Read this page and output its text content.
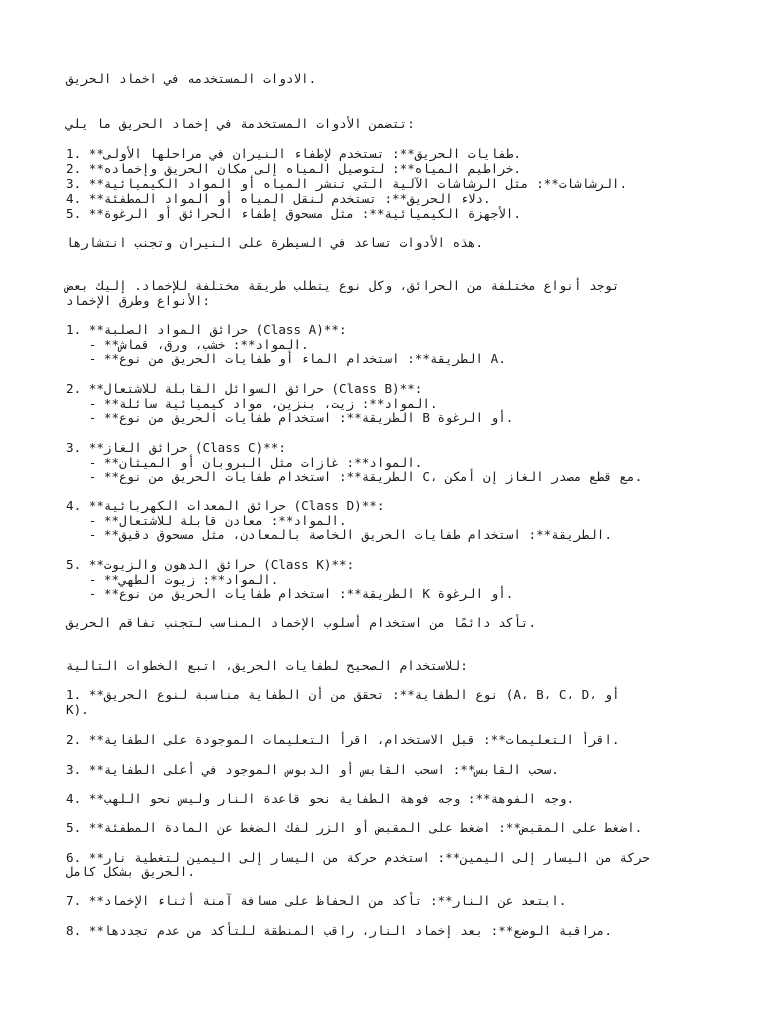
الادوات المستخدمه في اخماد الحريق.
تتضمن الأدوات المستخدمة في إخماد الحريق ما يلي:
1. **طفايات الحريق**: تستخدم لإطفاء النيران في مراحلها الأولى.
2. **خراطيم المياه**: لتوصيل المياه إلى مكان الحريق وإخماده.
3. **الرشاشات**: مثل الرشاشات الآلية التي تنشر المياه أو المواد الكيميائية.
4. **دلاء الحريق**: تستخدم لنقل المياه أو المواد المطفئة.
5. **الأجهزة الكيميائية**: مثل مسحوق إطفاء الحرائق أو الرغوة.
هذه الأدوات تساعد في السيطرة على النيران وتجنب انتشارها.
توجد أنواع مختلفة من الحرائق، وكل نوع يتطلب طريقة مختلفة للإخماد. إليك بعض
الأنواع وطرق الإخماد:
1. **حرائق المواد الصلبة (Class A)**:
- **المواد**: خشب، ورق، قماش.
- **الطريقة**: استخدام الماء أو طفايات الحريق من نوع A.
2. **حرائق السوائل القابلة للاشتعال (Class B)**:
- **المواد**: زيت، بنزين، مواد كيميائية سائلة.
- **الطريقة**: استخدام طفايات الحريق من نوع B أو الرغوة.
3. **حرائق الغاز (Class C)**:
- **المواد**: غازات مثل البروبان أو الميثان.
- **الطريقة**: استخدام طفايات الحريق من نوع C، مع قطع مصدر الغاز إن أمكن.
4. **حرائق المعدات الكهربائية (Class D)**:
- **المواد**: معادن قابلة للاشتعال.
- **الطريقة**: استخدام طفايات الحريق الخاصة بالمعادن، مثل مسحوق دقيق.
5. **حرائق الدهون والزيوت (Class K)**:
- **المواد**: زيوت الطهي.
- **الطريقة**: استخدام طفايات الحريق من نوع K أو الرغوة.
تأكد دائمًا من استخدام أسلوب الإخماد المناسب لتجنب تفاقم الحريق.
للاستخدام الصحيح لطفايات الحريق، اتبع الخطوات التالية:
1. **نوع الطفاية**: تحقق من أن الطفاية مناسبة لنوع الحريق (A، B، C، D، أو
K).
2. **اقرأ التعليمات**: قبل الاستخدام، اقرأ التعليمات الموجودة على الطفاية.
3. **سحب القابس**: اسحب القابس أو الدبوس الموجود في أعلى الطفاية.
4. **وجه الفوهة**: وجه فوهة الطفاية نحو قاعدة النار وليس نحو اللهب.
5. **اضغط على المقبض**: اضغط على المقبض أو الزر لفك الضغط عن المادة المطفئة.
6. **حركة من اليسار إلى اليمين**: استخدم حركة من اليسار إلى اليمين لتغطية نار
الحريق بشكل كامل.
7. **ابتعد عن النار**: تأكد من الحفاظ على مسافة آمنة أثناء الإخماد.
8. **مراقبة الوضع**: بعد إخماد النار، راقب المنطقة للتأكد من عدم تجددها.
